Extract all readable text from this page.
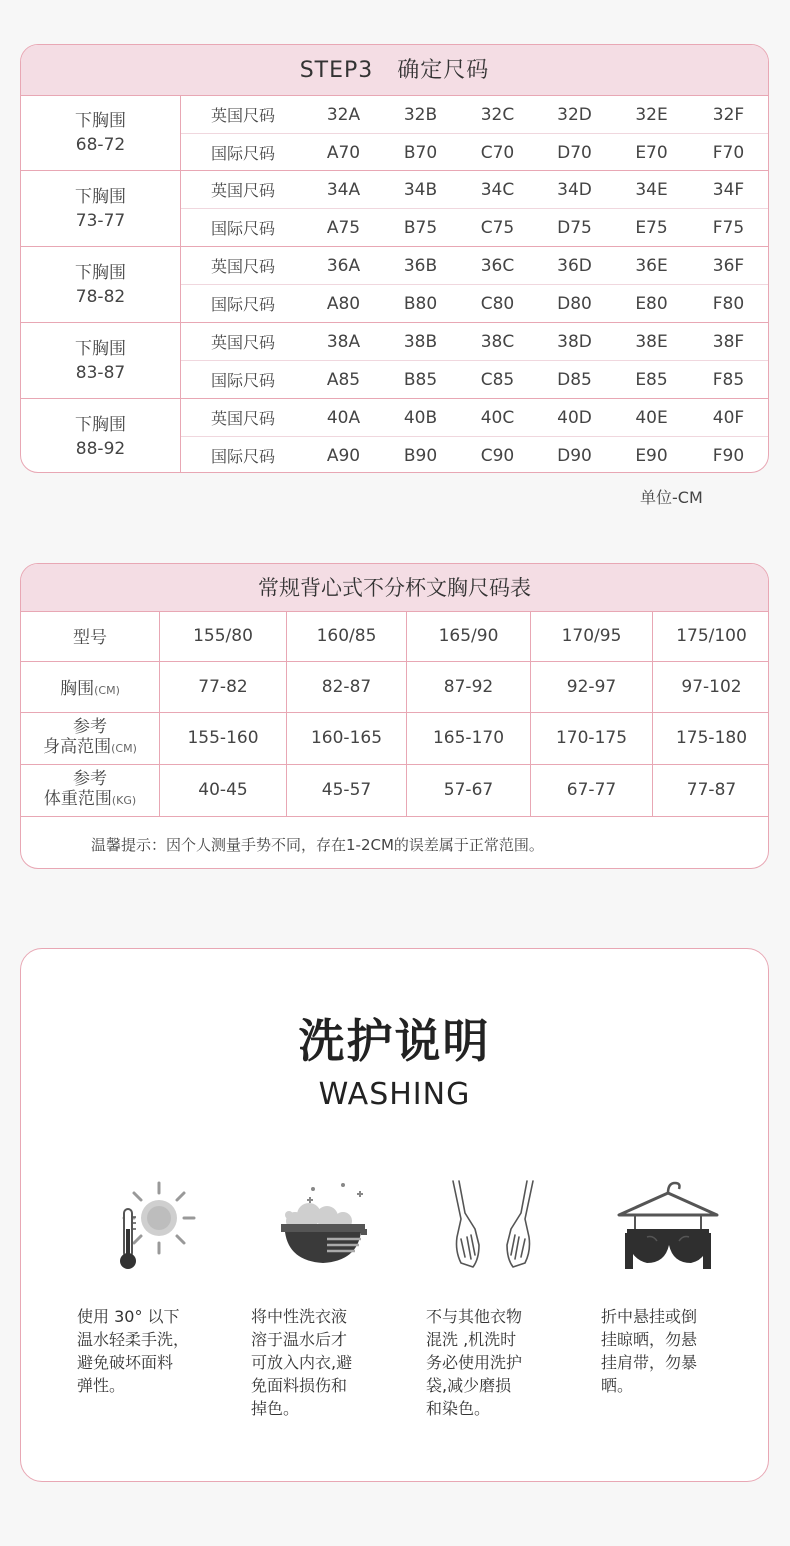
STEP3   确定尺码
下胸围
68-72
英国尺码	32A	32B	32C	32D	32E	32F
国际尺码	A70	B70	C70	D70	E70	F70
下胸围
73-77
英国尺码	34A	34B	34C	34D	34E	34F
国际尺码	A75	B75	C75	D75	E75	F75
下胸围
78-82
英国尺码	36A	36B	36C	36D	36E	36F
国际尺码	A80	B80	C80	D80	E80	F80
下胸围
83-87
英国尺码	38A	38B	38C	38D	38E	38F
国际尺码	A85	B85	C85	D85	E85	F85
下胸围
88-92
英国尺码	40A	40B	40C	40D	40E	40F
国际尺码	A90	B90	C90	D90	E90	F90
单位-CM
常规背心式不分杯文胸尺码表
型号	155/80	160/85	165/90	170/95	175/100
胸围(CM)	77-82	82-87	87-92	92-97	97-102

参考
身高范围(CM)	155-160	160-165	165-170	170-175	175-180

参考
体重范围(KG)	40-45	45-57	57-67	67-77	77-87
温馨提示：因个人测量手势不同，存在1-2CM的误差属于正常范围。
洗护说明
WASHING
使用 30° 以下
温水轻柔手洗，
避免破坏面料
弹性。
将中性洗衣液
溶于温水后才
可放入内衣,避
免面料损伤和
掉色。
不与其他衣物
混洗 ,机洗时
务必使用洗护
袋,减少磨损
和染色。
折中悬挂或倒
挂晾晒，勿悬
挂肩带，勿暴
晒。
